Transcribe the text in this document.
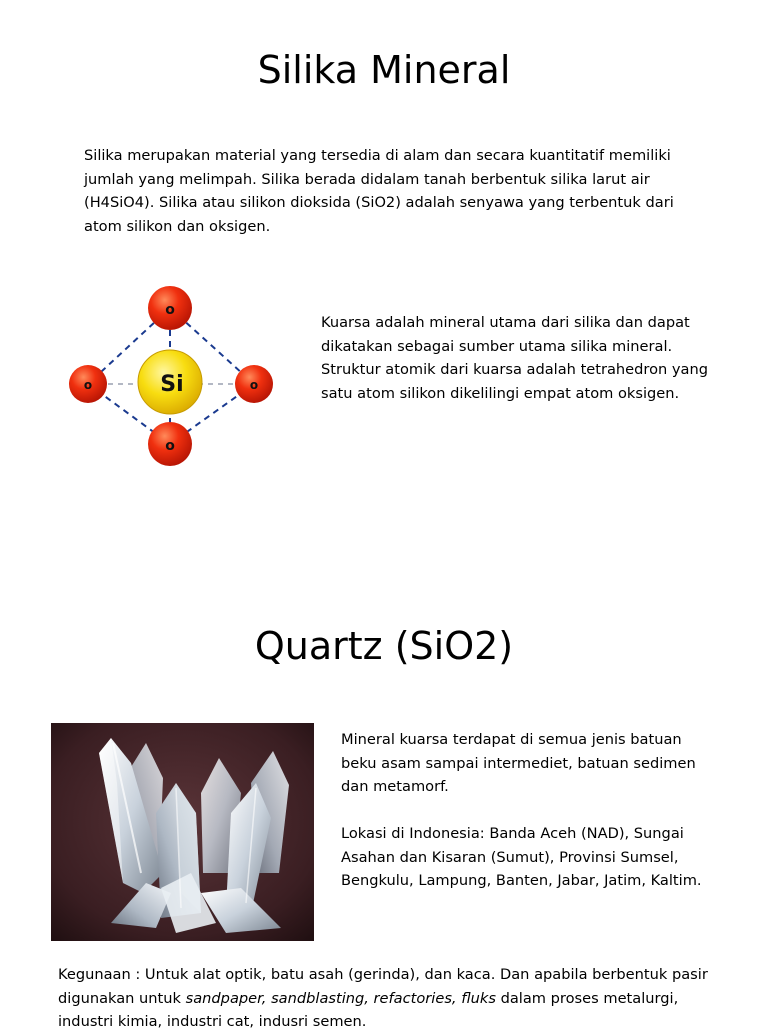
Silika Mineral

Silika merupakan material yang tersedia di alam dan secara kuantitatif memiliki jumlah yang melimpah. Silika berada didalam tanah berbentuk silika larut air (H4SiO4). Silika atau silikon dioksida (SiO2) adalah senyawa yang terbentuk dari atom silikon dan oksigen.

Si
o
o	o
o

Kuarsa adalah mineral utama dari silika dan dapat dikatakan sebagai sumber utama silika mineral.

Struktur atomik dari kuarsa adalah tetrahedron yang satu atom silikon dikelilingi empat atom oksigen.

Quartz (SiO2)

Mineral kuarsa terdapat di semua jenis batuan beku asam sampai intermediet, batuan sedimen dan metamorf.

Lokasi di Indonesia: Banda Aceh (NAD), Sungai Asahan dan Kisaran (Sumut), Provinsi Sumsel, Bengkulu, Lampung, Banten, Jabar, Jatim, Kaltim.

Kegunaan : Untuk alat optik, batu asah (gerinda), dan kaca. Dan apabila berbentuk pasir digunakan untuk sandpaper, sandblasting, refactories, fluks dalam proses metalurgi, industri kimia, industri cat, indusri semen.
